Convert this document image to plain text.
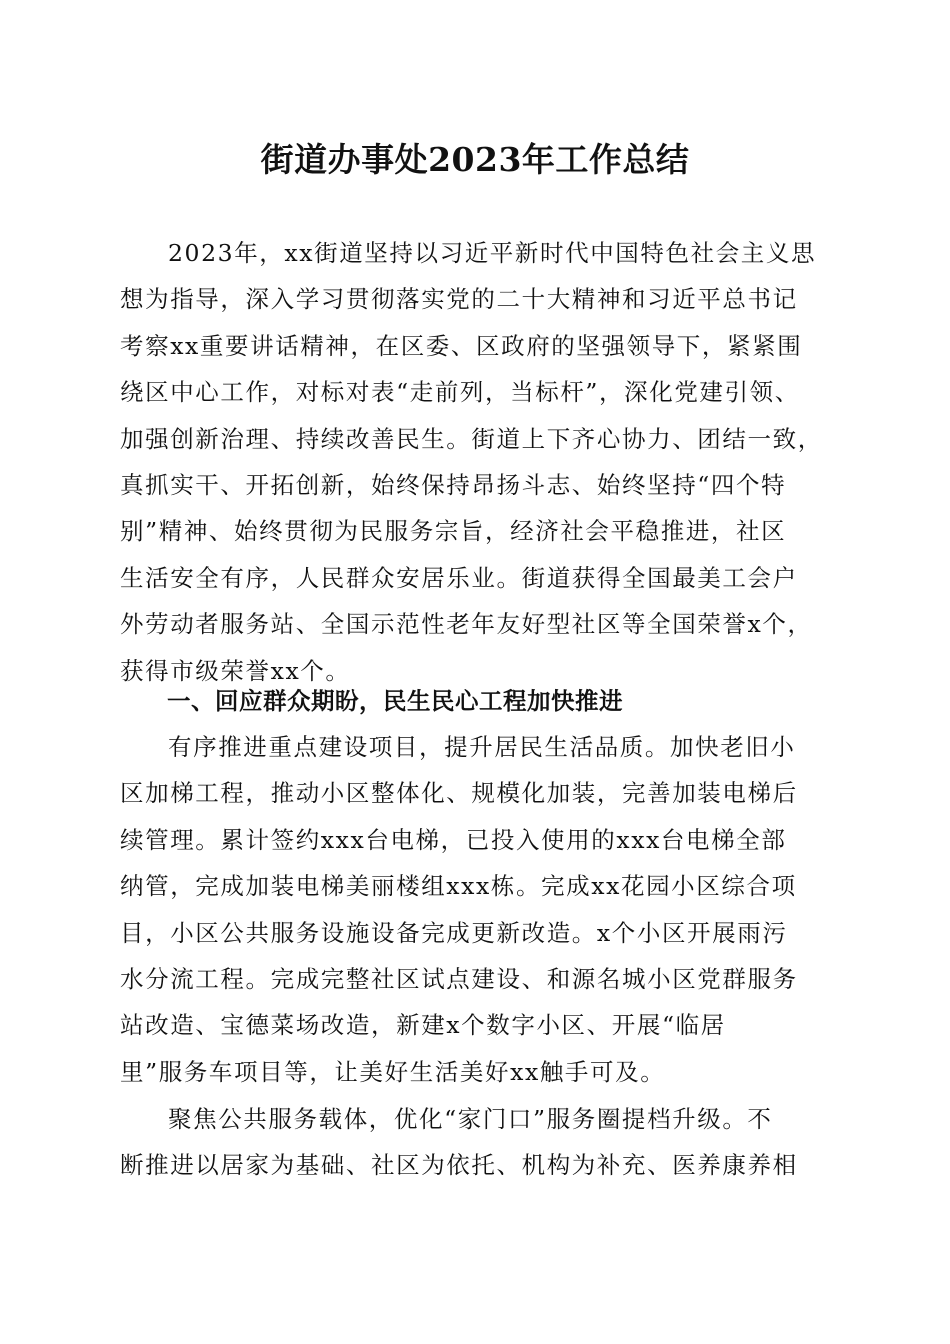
街道办事处2023年工作总结
2023年，xx街道坚持以习近平新时代中国特色社会主义思
想为指导，深入学习贯彻落实党的二十大精神和习近平总书记
考察xx重要讲话精神，在区委、区政府的坚强领导下，紧紧围
绕区中心工作，对标对表“走前列，当标杆”，深化党建引领、
加强创新治理、持续改善民生。街道上下齐心协力、团结一致，
真抓实干、开拓创新，始终保持昂扬斗志、始终坚持“四个特
别”精神、始终贯彻为民服务宗旨，经济社会平稳推进，社区
生活安全有序，人民群众安居乐业。街道获得全国最美工会户
外劳动者服务站、全国示范性老年友好型社区等全国荣誉x个，
获得市级荣誉xx个。
一、回应群众期盼，民生民心工程加快推进
有序推进重点建设项目，提升居民生活品质。加快老旧小
区加梯工程，推动小区整体化、规模化加装，完善加装电梯后
续管理。累计签约xxx台电梯，已投入使用的xxx台电梯全部
纳管，完成加装电梯美丽楼组xxx栋。完成xx花园小区综合项
目，小区公共服务设施设备完成更新改造。x个小区开展雨污
水分流工程。完成完整社区试点建设、和源名城小区党群服务
站改造、宝德菜场改造，新建x个数字小区、开展“临居
里”服务车项目等，让美好生活美好xx触手可及。
聚焦公共服务载体，优化“家门口”服务圈提档升级。不
断推进以居家为基础、社区为依托、机构为补充、医养康养相
